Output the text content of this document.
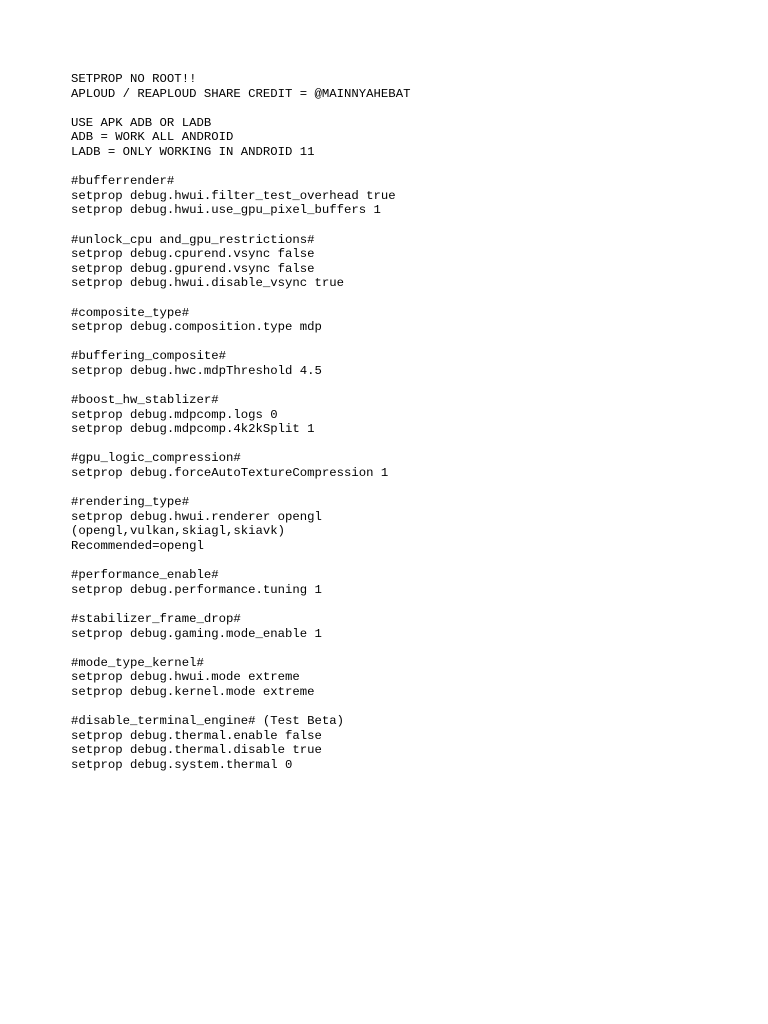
SETPROP NO ROOT!!
APLOUD / REAPLOUD SHARE CREDIT = @MAINNYAHEBAT
USE APK ADB OR LADB
ADB = WORK ALL ANDROID
LADB = ONLY WORKING IN ANDROID 11
#bufferrender#
setprop debug.hwui.filter_test_overhead true
setprop debug.hwui.use_gpu_pixel_buffers 1
#unlock_cpu and_gpu_restrictions#
setprop debug.cpurend.vsync false
setprop debug.gpurend.vsync false
setprop debug.hwui.disable_vsync true
#composite_type#
setprop debug.composition.type mdp
#buffering_composite#
setprop debug.hwc.mdpThreshold 4.5
#boost_hw_stablizer#
setprop debug.mdpcomp.logs 0
setprop debug.mdpcomp.4k2kSplit 1
#gpu_logic_compression#
setprop debug.forceAutoTextureCompression 1
#rendering_type#
setprop debug.hwui.renderer opengl
(opengl,vulkan,skiagl,skiavk)
Recommended=opengl
#performance_enable#
setprop debug.performance.tuning 1
#stabilizer_frame_drop#
setprop debug.gaming.mode_enable 1
#mode_type_kernel#
setprop debug.hwui.mode extreme
setprop debug.kernel.mode extreme
#disable_terminal_engine# (Test Beta)
setprop debug.thermal.enable false
setprop debug.thermal.disable true
setprop debug.system.thermal 0
